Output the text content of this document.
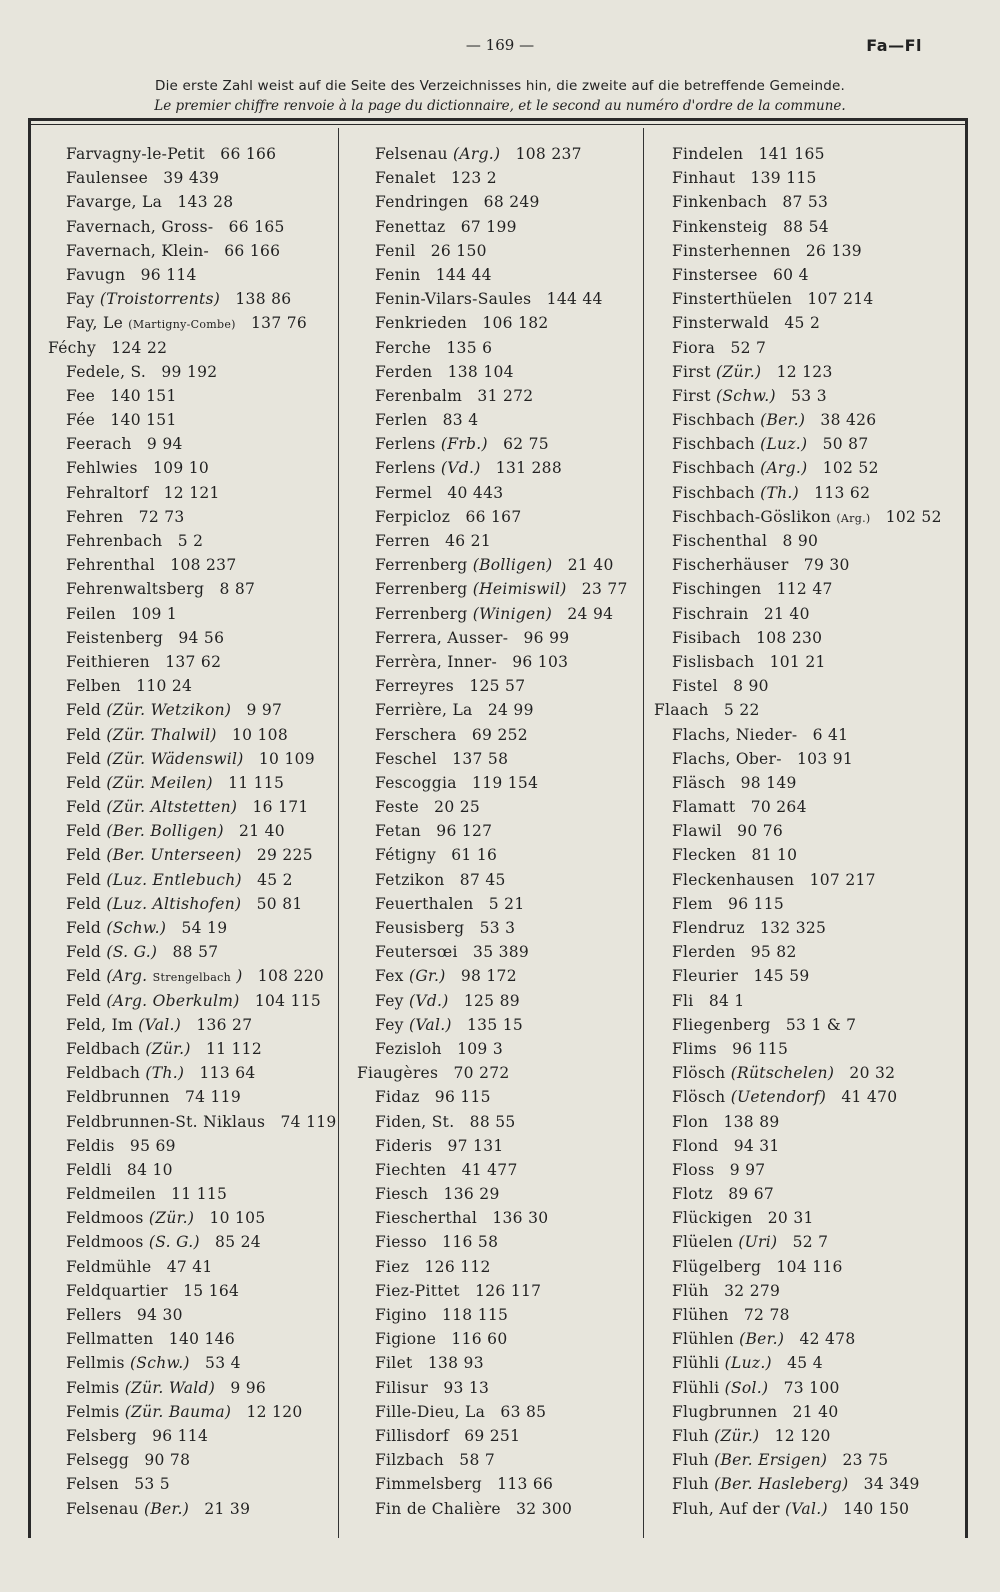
— 169 —	Fa—Fl
Die erste Zahl weist auf die Seite des Verzeichnisses hin, die zweite auf die betreffende Gemeinde.
Le premier chiffre renvoie à la page du dictionnaire, et le second au numéro d'ordre de la commune.
Farvagny-le-Petit 66 166
Faulensee 39 439
Favarge, La 143 28
Favernach, Gross- 66 165
Favernach, Klein- 66 166
Favugn 96 114
Fay (Troistorrents) 138 86
Fay, Le (Martigny-Combe) 137 76
Féchy 124 22
Fedele, S. 99 192
Fee 140 151
Fée 140 151
Feerach 9 94
Fehlwies 109 10
Fehraltorf 12 121
Fehren 72 73
Fehrenbach 5 2
Fehrenthal 108 237
Fehrenwaltsberg 8 87
Feilen 109 1
Feistenberg 94 56
Feithieren 137 62
Felben 110 24
Feld (Zür. Wetzikon) 9 97
Feld (Zür. Thalwil) 10 108
Feld (Zür. Wädenswil) 10 109
Feld (Zür. Meilen) 11 115
Feld (Zür. Altstetten) 16 171
Feld (Ber. Bolligen) 21 40
Feld (Ber. Unterseen) 29 225
Feld (Luz. Entlebuch) 45 2
Feld (Luz. Altishofen) 50 81
Feld (Schw.) 54 19
Feld (S. G.) 88 57
Feld (Arg. Strengelbach ) 108 220
Feld (Arg. Oberkulm) 104 115
Feld, Im (Val.) 136 27
Feldbach (Zür.) 11 112
Feldbach (Th.) 113 64
Feldbrunnen 74 119
Feldbrunnen-St. Niklaus 74 119
Feldis 95 69
Feldli 84 10
Feldmeilen 11 115
Feldmoos (Zür.) 10 105
Feldmoos (S. G.) 85 24
Feldmühle 47 41
Feldquartier 15 164
Fellers 94 30
Fellmatten 140 146
Fellmis (Schw.) 53 4
Felmis (Zür. Wald) 9 96
Felmis (Zür. Bauma) 12 120
Felsberg 96 114
Felsegg 90 78
Felsen 53 5
Felsenau (Ber.) 21 39
Felsenau (Arg.) 108 237
Fenalet 123 2
Fendringen 68 249
Fenettaz 67 199
Fenil 26 150
Fenin 144 44
Fenin-Vilars-Saules 144 44
Fenkrieden 106 182
Ferche 135 6
Ferden 138 104
Ferenbalm 31 272
Ferlen 83 4
Ferlens (Frb.) 62 75
Ferlens (Vd.) 131 288
Fermel 40 443
Ferpicloz 66 167
Ferren 46 21
Ferrenberg (Bolligen) 21 40
Ferrenberg (Heimiswil) 23 77
Ferrenberg (Winigen) 24 94
Ferrera, Ausser- 96 99
Ferrèra, Inner- 96 103
Ferreyres 125 57
Ferrière, La 24 99
Ferschera 69 252
Feschel 137 58
Fescoggia 119 154
Feste 20 25
Fetan 96 127
Fétigny 61 16
Fetzikon 87 45
Feuerthalen 5 21
Feusisberg 53 3
Feutersœi 35 389
Fex (Gr.) 98 172
Fey (Vd.) 125 89
Fey (Val.) 135 15
Fezisloh 109 3
Fiaugères 70 272
Fidaz 96 115
Fiden, St. 88 55
Fideris 97 131
Fiechten 41 477
Fiesch 136 29
Fiescherthal 136 30
Fiesso 116 58
Fiez 126 112
Fiez-Pittet 126 117
Figino 118 115
Figione 116 60
Filet 138 93
Filisur 93 13
Fille-Dieu, La 63 85
Fillisdorf 69 251
Filzbach 58 7
Fimmelsberg 113 66
Fin de Chalière 32 300
Findelen 141 165
Finhaut 139 115
Finkenbach 87 53
Finkensteig 88 54
Finsterhennen 26 139
Finstersee 60 4
Finsterthüelen 107 214
Finsterwald 45 2
Fiora 52 7
First (Zür.) 12 123
First (Schw.) 53 3
Fischbach (Ber.) 38 426
Fischbach (Luz.) 50 87
Fischbach (Arg.) 102 52
Fischbach (Th.) 113 62
Fischbach-Göslikon (Arg.) 102 52
Fischenthal 8 90
Fischerhäuser 79 30
Fischingen 112 47
Fischrain 21 40
Fisibach 108 230
Fislisbach 101 21
Fistel 8 90
Flaach 5 22
Flachs, Nieder- 6 41
Flachs, Ober- 103 91
Fläsch 98 149
Flamatt 70 264
Flawil 90 76
Flecken 81 10
Fleckenhausen 107 217
Flem 96 115
Flendruz 132 325
Flerden 95 82
Fleurier 145 59
Fli 84 1
Fliegenberg 53 1 & 7
Flims 96 115
Flösch (Rütschelen) 20 32
Flösch (Uetendorf) 41 470
Flon 138 89
Flond 94 31
Floss 9 97
Flotz 89 67
Flückigen 20 31
Flüelen (Uri) 52 7
Flügelberg 104 116
Flüh 32 279
Flühen 72 78
Flühlen (Ber.) 42 478
Flühli (Luz.) 45 4
Flühli (Sol.) 73 100
Flugbrunnen 21 40
Fluh (Zür.) 12 120
Fluh (Ber. Ersigen) 23 75
Fluh (Ber. Hasleberg) 34 349
Fluh, Auf der (Val.) 140 150
